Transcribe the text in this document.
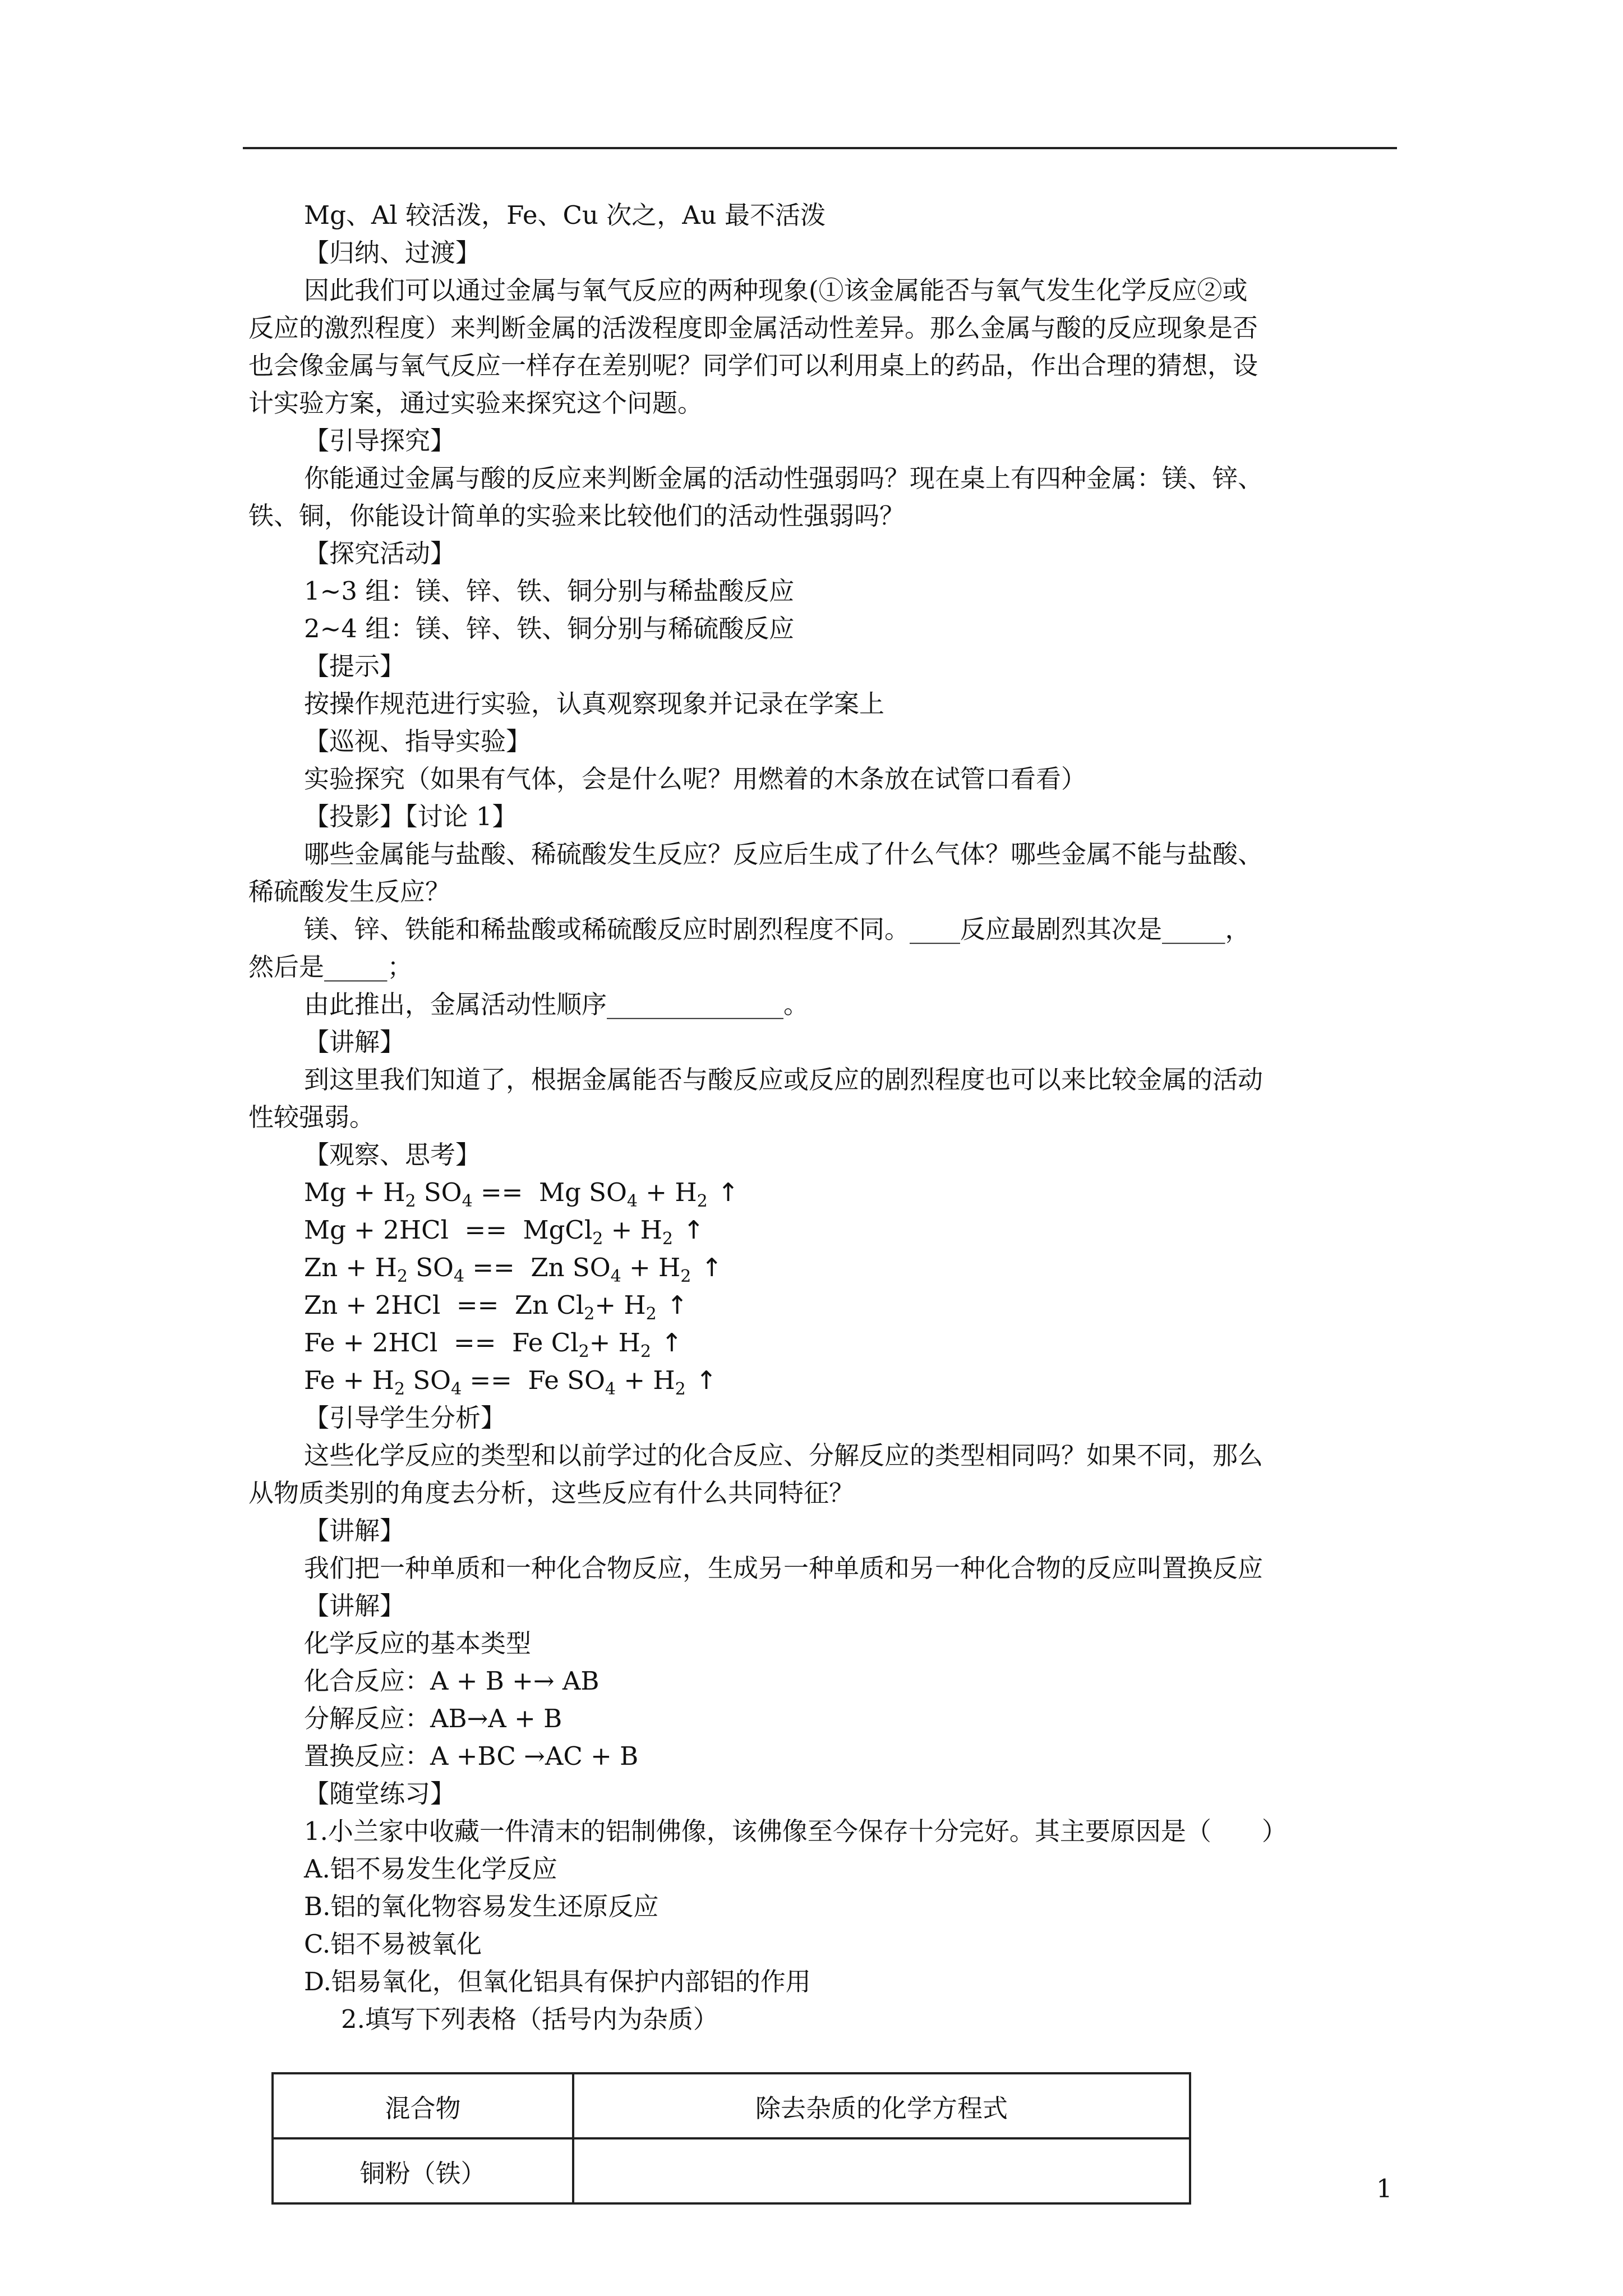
Mg、Al 较活泼，Fe、Cu 次之，Au 最不活泼
【归纳、过渡】
因此我们可以通过金属与氧气反应的两种现象(①该金属能否与氧气发生化学反应②或
反应的激烈程度）来判断金属的活泼程度即金属活动性差异。那么金属与酸的反应现象是否
也会像金属与氧气反应一样存在差别呢？同学们可以利用桌上的药品，作出合理的猜想，设
计实验方案，通过实验来探究这个问题。
【引导探究】
你能通过金属与酸的反应来判断金属的活动性强弱吗？现在桌上有四种金属：镁、锌、
铁、铜，你能设计简单的实验来比较他们的活动性强弱吗？
【探究活动】
1~3 组：镁、锌、铁、铜分别与稀盐酸反应
2~4 组：镁、锌、铁、铜分别与稀硫酸反应
【提示】
按操作规范进行实验，认真观察现象并记录在学案上
【巡视、指导实验】
实验探究（如果有气体，会是什么呢？用燃着的木条放在试管口看看）
【投影】【讨论 1】
哪些金属能与盐酸、稀硫酸发生反应？反应后生成了什么气体？哪些金属不能与盐酸、
稀硫酸发生反应？
镁、锌、铁能和稀盐酸或稀硫酸反应时剧烈程度不同。____反应最剧烈其次是_____，
然后是_____；
由此推出，金属活动性顺序______________。
【讲解】
到这里我们知道了，根据金属能否与酸反应或反应的剧烈程度也可以来比较金属的活动
性较强弱。
【观察、思考】
$Mg + H_2$ $SO_4 == Mg$ $SO_4 + H_2$ ↑
Mg + 2HCl  ==  MgCl$_2$ + $H_2$ ↑
$Zn + H_2$ $SO_4 == Zn$ $SO_4 + H_2$ ↑
Zn + 2HCl  ==  Zn $Cl_2+ H_2$ ↑
Fe + 2HCl  ==  Fe $Cl_2+ H_2$ ↑
$Fe + H_2$ $SO_4 == Fe$ $SO_4 + H_2$ ↑
【引导学生分析】
这些化学反应的类型和以前学过的化合反应、分解反应的类型相同吗？如果不同，那么
从物质类别的角度去分析，这些反应有什么共同特征？
【讲解】
我们把一种单质和一种化合物反应，生成另一种单质和另一种化合物的反应叫置换反应
【讲解】
化学反应的基本类型
化合反应：A + B +→ AB
分解反应：AB→A + B
置换反应：A +BC →AC + B
【随堂练习】
1.小兰家中收藏一件清末的铝制佛像，该佛像至今保存十分完好。其主要原因是（　　）
A.铝不易发生化学反应
B.铝的氧化物容易发生还原反应
C.铝不易被氧化
D.铝易氧化，但氧化铝具有保护内部铝的作用
2.填写下列表格（括号内为杂质）
混合物	除去杂质的化学方程式
铜粉（铁）	
1
